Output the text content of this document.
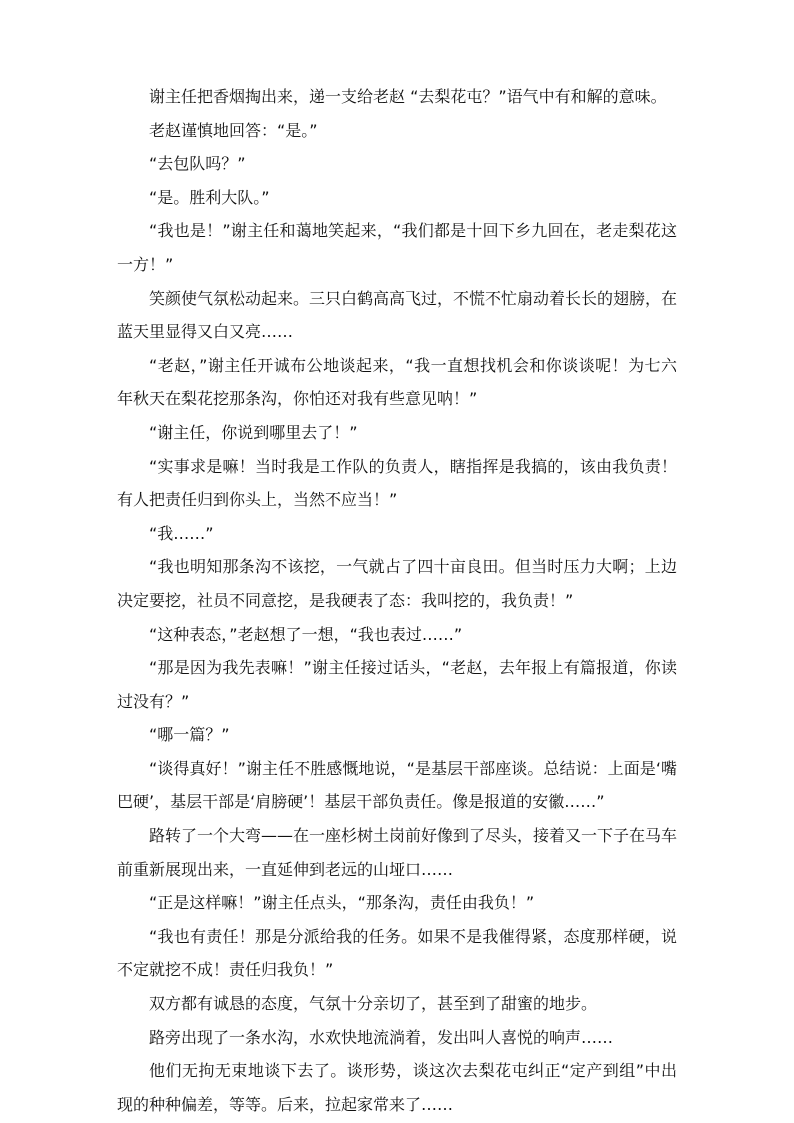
谢主任把香烟掏出来，递一支给老赵 “去梨花屯？”语气中有和解的意味。

老赵谨慎地回答：“是。”

“去包队吗？”

“是。胜利大队。”

“我也是！”谢主任和蔼地笑起来，“我们都是十回下乡九回在，老走梨花这一方！”

笑颜使气氛松动起来。三只白鹤高高飞过，不慌不忙扇动着长长的翅膀，在蓝天里显得又白又亮……

“老赵，”谢主任开诚布公地谈起来，“我一直想找机会和你谈谈呢！为七六年秋天在梨花挖那条沟，你怕还对我有些意见呐！”

“谢主任，你说到哪里去了！”

“实事求是嘛！当时我是工作队的负责人，瞎指挥是我搞的，该由我负责！有人把责任归到你头上，当然不应当！”

“我……”

“我也明知那条沟不该挖，一气就占了四十亩良田。但当时压力大啊；上边决定要挖，社员不同意挖，是我硬表了态：我叫挖的，我负责！”

“这种表态，”老赵想了一想，“我也表过……”

“那是因为我先表嘛！”谢主任接过话头，“老赵，去年报上有篇报道，你读过没有？”

“哪一篇？”

“谈得真好！”谢主任不胜感慨地说，“是基层干部座谈。总结说：上面是‘嘴巴硬’，基层干部是‘肩膀硬’！基层干部负责任。像是报道的安徽……”

路转了一个大弯——在一座杉树土岗前好像到了尽头，接着又一下子在马车前重新展现出来，一直延伸到老远的山垭口……

“正是这样嘛！”谢主任点头，“那条沟，责任由我负！”

“我也有责任！那是分派给我的任务。如果不是我催得紧，态度那样硬，说不定就挖不成！责任归我负！”

双方都有诚恳的态度，气氛十分亲切了，甚至到了甜蜜的地步。

路旁出现了一条水沟，水欢快地流淌着，发出叫人喜悦的响声……

他们无拘无束地谈下去了。谈形势，谈这次去梨花屯纠正“定产到组”中出现的种种偏差，等等。后来，拉起家常来了……
